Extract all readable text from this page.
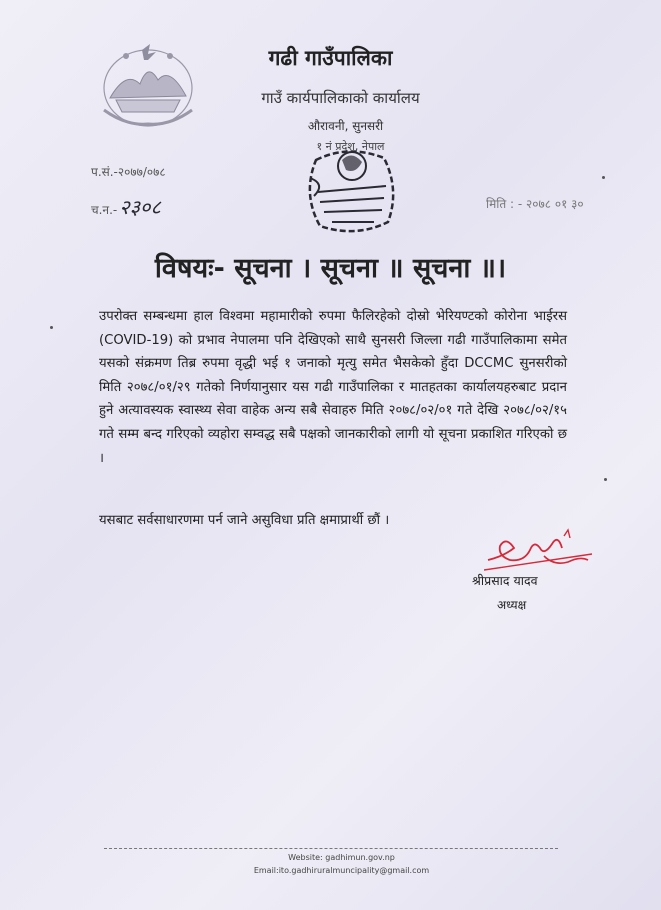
गढी गाउँपालिका
गाउँ कार्यपालिकाको कार्यालय
औरावनी, सुनसरी
१ नं प्रदेश, नेपाल
प.सं.-२०७७/०७८
च.न.- २३०८	मिति : - २०७८ ०१ ३०
विषयः- सूचना । सूचना ॥ सूचना ॥।
उपरोक्त सम्बन्धमा हाल विश्वमा महामारीको रुपमा फैलिरहेको दोस्रो भेरियण्टको कोरोना भाईरस (COVID-19) को प्रभाव नेपालमा पनि देखिएको साथै सुनसरी जिल्ला गढी गाउँपालिकामा समेत यसको संक्रमण तिब्र रुपमा वृद्धी भई १ जनाको मृत्यु समेत भैसकेको हुँदा DCCMC सुनसरीको मिति २०७८/०१/२९ गतेको निर्णयानुसार यस गढी गाउँपालिका र मातहतका कार्यालयहरुबाट प्रदान हुने अत्यावस्यक स्वास्थ्य सेवा वाहेक अन्य सबै सेवाहरु मिति २०७८/०२/०१ गते देखि २०७८/०२/१५ गते सम्म बन्द गरिएको व्यहोरा सम्वद्ध सबै पक्षको जानकारीको लागी यो सूचना प्रकाशित गरिएको छ ।
यसबाट सर्वसाधारणमा पर्न जाने असुविधा प्रति क्षमाप्रार्थी छौं ।
श्रीप्रसाद यादव
अध्यक्ष
Website: gadhimun.gov.np
Email:ito.gadhiruralmuncipality@gmail.com
